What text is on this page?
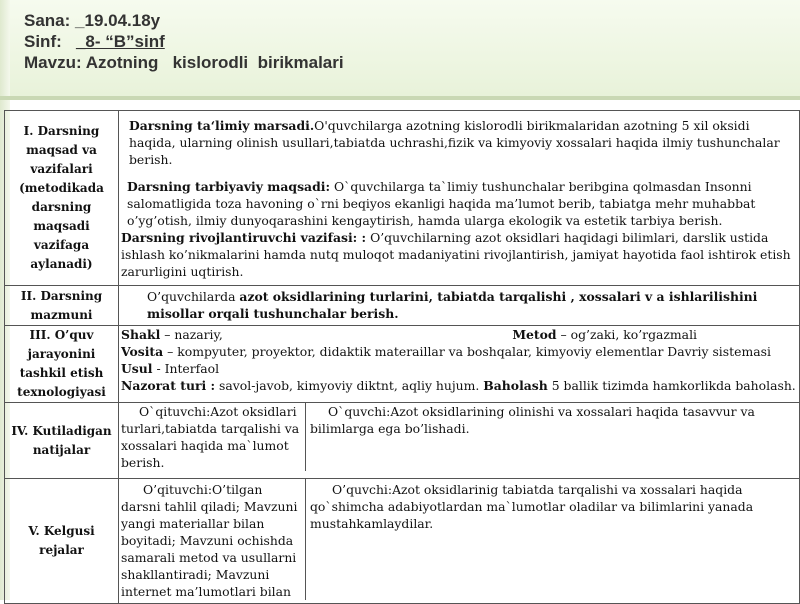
Sana: _19.04.18y
Sinf: _8- “B”sinf
Mavzu: Azotning   kislorodli  birikmalari
I. Darsning maqsad va vazifalari (metodikada darsning maqsadi vazifaga aylanadi)	Darsning ta‘limiy marsadi.O'quvchilarga azotning kislorodli birikmalaridan azotning 5 xil oksidi haqida, ularning olinish usullari,tabiatda uchrashi,fizik va kimyoviy xossalari haqida ilmiy tushunchalar berish.

Darsning tarbiyaviy maqsadi: O`quvchilarga ta`limiy tushunchalar beribgina qolmasdan Insonni salomatligida toza havoning o`rni beqiyos ekanligi haqida ma’lumot berib, tabiatga mehr muhabbat o’yg’otish, ilmiy dunyoqarashini kengaytirish, hamda ularga ekologik va estetik tarbiya berish.

Darsning rivojlantiruvchi vazifasi: : O’quvchilarning azot oksidlari haqidagi bilimlari, darslik ustida ishlash ko’nikmalarini hamda nutq muloqot madaniyatini rivojlantirish, jamiyat hayotida faol ishtirok etish zarurligini uqtirish.

II. Darsning mazmuni	O’quvchilarda azot oksidlarining turlarini, tabiatda tarqalishi , xossalari v a ishlarilishini misollar orqali tushunchalar berish.

III. O’quv jarayonini tashkil etish texnologiyasi	Shakl – nazariy, Metod – og’zaki, ko’rgazmali

Vosita – kompyuter, proyektor, didaktik materaillar va boshqalar, kimyoviy elementlar Davriy sistemasi

Usul - Interfaol

Nazorat turi : savol-javob, kimyoviy diktnt, aqliy hujum. Baholash 5 ballik tizimda hamkorlikda baholash.

IV. Kutiladigan natijalar	O`qituvchi:Azot oksidlari turlari,tabiatda tarqalishi va xossalari haqida ma`lumot berish.

O`quvchi:Azot oksidlarining olinishi va xossalari haqida tasavvur va bilimlarga ega bo’lishadi.

V. Kelgusi rejalar	O’qituvchi:O’tilgan darsni tahlil qiladi; Mavzuni yangi materiallar bilan boyitadi; Mavzuni ochishda samarali metod va usullarni shakllantiradi; Mavzuni internet ma’lumotlari bilan

O’quvchi:Azot oksidlarinig tabiatda tarqalishi va xossalari haqida qo`shimcha adabiyotlardan ma`lumotlar oladilar va bilimlarini yanada mustahkamlaydilar.
